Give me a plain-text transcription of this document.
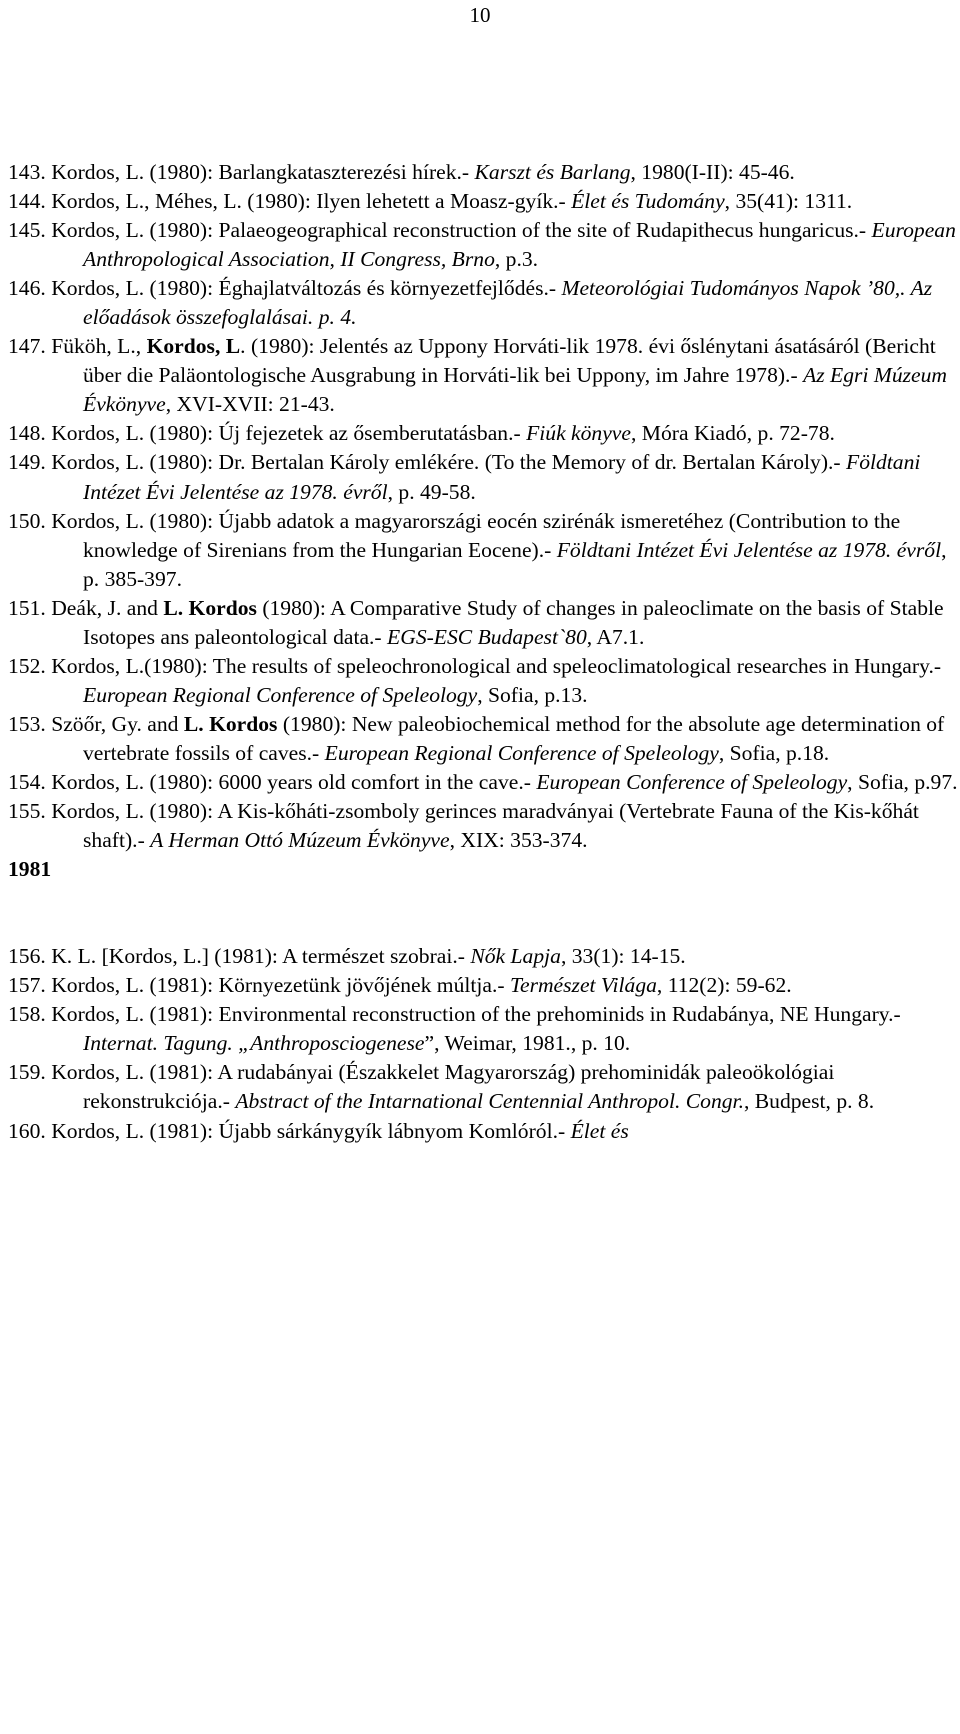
10

143. Kordos, L. (1980): Barlangkataszterezési hírek.- Karszt és Barlang, 1980(I-II): 45-46.

144. Kordos, L., Méhes, L. (1980): Ilyen lehetett a Moasz-gyík.- Élet és Tudomány, 35(41): 1311.

145. Kordos, L. (1980): Palaeogeographical reconstruction of the site of Rudapithecus hungaricus.- European Anthropological Association, II Congress, Brno, p.3.

146. Kordos, L. (1980): Éghajlatváltozás és környezetfejlődés.- Meteorológiai Tudományos Napok ’80,. Az előadások összefoglalásai. p. 4.

147. Füköh, L., Kordos, L. (1980): Jelentés az Uppony Horváti-lik 1978. évi őslénytani ásatásáról (Bericht über die Paläontologische Ausgrabung in Horváti-lik bei Uppony, im Jahre 1978).- Az Egri Múzeum Évkönyve, XVI-XVII: 21-43.

148. Kordos, L. (1980): Új fejezetek az ősemberutatásban.- Fiúk könyve, Móra Kiadó, p. 72-78.

149. Kordos, L. (1980): Dr. Bertalan Károly emlékére. (To the Memory of dr. Bertalan Károly).- Földtani Intézet Évi Jelentése az 1978. évről, p. 49-58.

150. Kordos, L. (1980): Újabb adatok a magyarországi eocén szirénák ismeretéhez (Contribution to the knowledge of Sirenians from the Hungarian Eocene).- Földtani Intézet Évi Jelentése az 1978. évről, p. 385-397.

151. Deák, J. and L. Kordos (1980): A Comparative Study of changes in paleoclimate on the basis of Stable Isotopes ans paleontological data.- EGS-ESC Budapest`80, A7.1.

152. Kordos, L.(1980): The results of speleochronological and speleoclimatological researches in Hungary.- European Regional Conference of Speleology, Sofia, p.13.

153. Szöőr, Gy. and L. Kordos (1980): New paleobiochemical method for the absolute age determination of vertebrate fossils of caves.- European Regional Conference of Speleology, Sofia, p.18.

154. Kordos, L. (1980): 6000 years old comfort in the cave.- European Conference of Speleology, Sofia, p.97.

155. Kordos, L. (1980): A Kis-kőháti-zsomboly gerinces maradványai (Vertebrate Fauna of the Kis-kőhát shaft).- A Herman Ottó Múzeum Évkönyve, XIX: 353-374.

1981

156. K. L. [Kordos, L.] (1981): A természet szobrai.- Nők Lapja, 33(1): 14-15.

157. Kordos, L. (1981): Környezetünk jövőjének múltja.- Természet Világa, 112(2): 59-62.

158. Kordos, L. (1981): Environmental reconstruction of the prehominids in Rudabánya, NE Hungary.- Internat. Tagung. „Anthroposciogenese”, Weimar, 1981., p. 10.

159. Kordos, L. (1981): A rudabányai (Északkelet Magyarország) prehominidák paleoökológiai rekonstrukciója.- Abstract of the Intarnational Centennial Anthropol. Congr., Budpest, p. 8.

160. Kordos, L. (1981): Újabb sárkánygyík lábnyom Komlóról.- Élet és
